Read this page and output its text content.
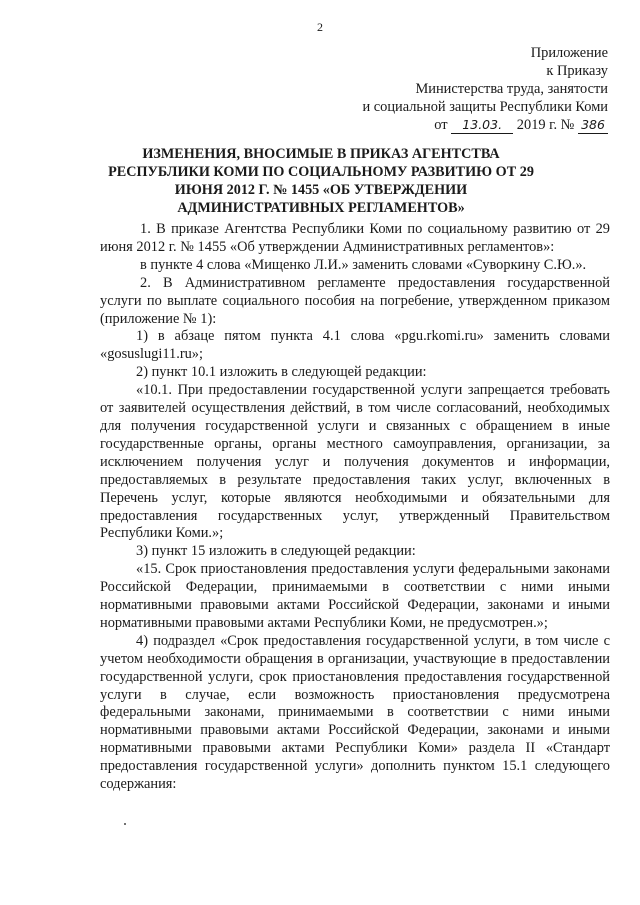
2
Приложение
к Приказу
Министерства труда, занятости
и социальной защиты Республики Коми
от 13.03. 2019 г. № 386
ИЗМЕНЕНИЯ, ВНОСИМЫЕ В ПРИКАЗ АГЕНТСТВА РЕСПУБЛИКИ КОМИ ПО СОЦИАЛЬНОМУ РАЗВИТИЮ ОТ 29 ИЮНЯ 2012 Г. № 1455 «ОБ УТВЕРЖДЕНИИ АДМИНИСТРАТИВНЫХ РЕГЛАМЕНТОВ»

1. В приказе Агентства Республики Коми по социальному развитию от 29 июня 2012 г. № 1455 «Об утверждении Административных регламентов»:

в пункте 4 слова «Мищенко Л.И.» заменить словами «Суворкину С.Ю.».

2. В Административном регламенте предоставления государственной услуги по выплате социального пособия на погребение, утвержденном приказом (приложение № 1):

1) в абзаце пятом пункта 4.1 слова «pgu.rkomi.ru» заменить словами «gosuslugi11.ru»;

2) пункт 10.1 изложить в следующей редакции:

«10.1. При предоставлении государственной услуги запрещается требовать от заявителей осуществления действий, в том числе согласований, необходимых для получения государственной услуги и связанных с обращением в иные государственные органы, органы местного самоуправления, организации, за исключением получения услуг и получения документов и информации, предоставляемых в результате предоставления таких услуг, включенных в Перечень услуг, которые являются необходимыми и обязательными для предоставления государственных услуг, утвержденный Правительством Республики Коми.»;

3) пункт 15 изложить в следующей редакции:

«15. Срок приостановления предоставления услуги федеральными законами Российской Федерации, принимаемыми в соответствии с ними иными нормативными правовыми актами Российской Федерации, законами и иными нормативными правовыми актами Республики Коми, не предусмотрен.»;

4) подраздел «Срок предоставления государственной услуги, в том числе с учетом необходимости обращения в организации, участвующие в предоставлении государственной услуги, срок приостановления предоставления государственной услуги в случае, если возможность приостановления предусмотрена федеральными законами, принимаемыми в соответствии с ними иными нормативными правовыми актами Российской Федерации, законами и иными нормативными правовыми актами Республики Коми» раздела II «Стандарт предоставления государственной услуги» дополнить пунктом 15.1 следующего содержания:
